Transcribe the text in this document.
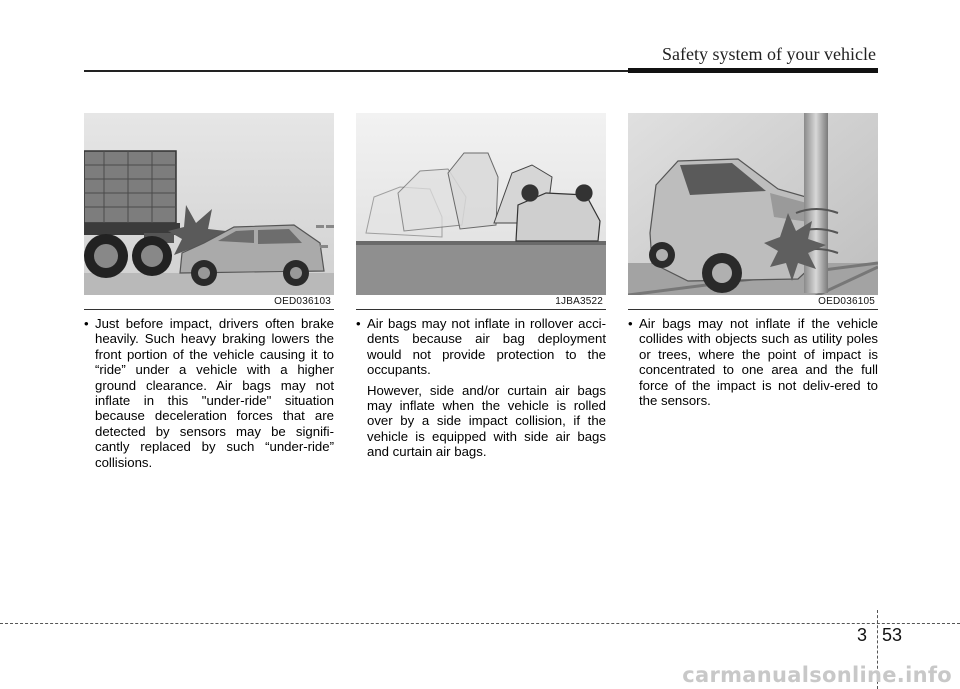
Safety system of your vehicle
OED036103	1JBA3522	OED036105

• Just before impact, drivers often brake heavily. Such heavy braking lowers the front portion of the vehicle causing it to “ride” under a vehicle with a higher ground clearance. Air bags may not inflate in this "under-ride" situation because deceleration forces that are detected by sensors may be signifi-cantly replaced by such “under-ride” collisions.

• Air bags may not inflate in rollover acci-dents because air bag deployment would not provide protection to the occupants.

However, side and/or curtain air bags may inflate when the vehicle is rolled over by a side impact collision, if the vehicle is equipped with side air bags and curtain air bags.

• Air bags may not inflate if the vehicle collides with objects such as utility poles or trees, where the point of impact is concentrated to one area and the full force of the impact is not deliv-ered to the sensors.

3 53
carmanualsonline.info
